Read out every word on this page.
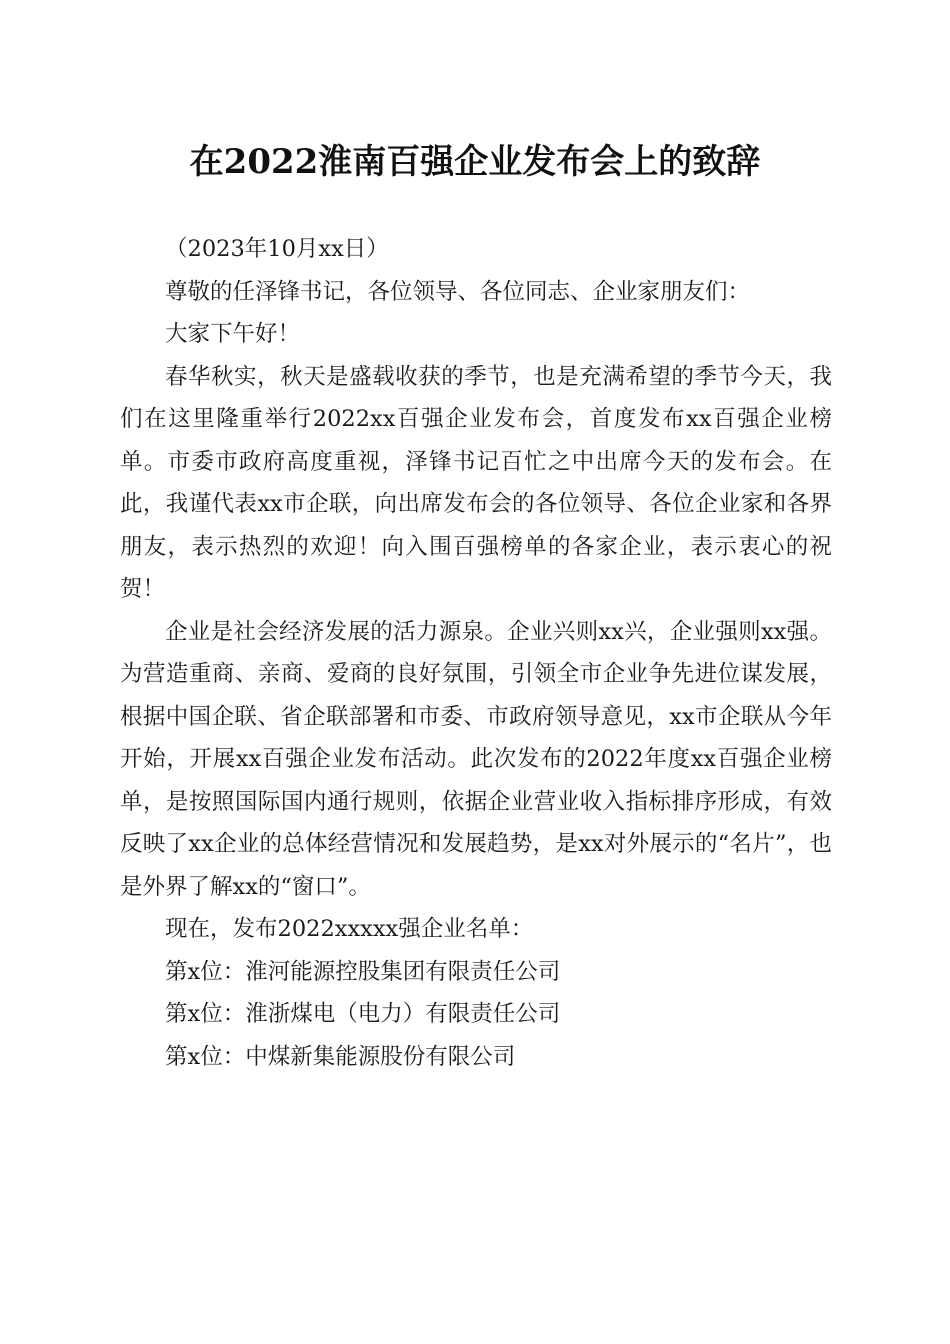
在2022淮南百强企业发布会上的致辞

（2023年10月xx日）

尊敬的任泽锋书记，各位领导、各位同志、企业家朋友们：

大家下午好！

春华秋实，秋天是盛载收获的季节，也是充满希望的季节今天，我们在这里隆重举行2022xx百强企业发布会，首度发布xx百强企业榜单。市委市政府高度重视，泽锋书记百忙之中出席今天的发布会。在此，我谨代表xx市企联，向出席发布会的各位领导、各位企业家和各界朋友，表示热烈的欢迎！向入围百强榜单的各家企业，表示衷心的祝贺！

企业是社会经济发展的活力源泉。企业兴则xx兴，企业强则xx强。为营造重商、亲商、爱商的良好氛围，引领全市企业争先进位谋发展，根据中国企联、省企联部署和市委、市政府领导意见，xx市企联从今年开始，开展xx百强企业发布活动。此次发布的2022年度xx百强企业榜单，是按照国际国内通行规则，依据企业营业收入指标排序形成，有效反映了xx企业的总体经营情况和发展趋势，是xx对外展示的“名片”，也是外界了解xx的“窗口”。

现在，发布2022xxxxx强企业名单：

第x位：淮河能源控股集团有限责任公司

第x位：淮浙煤电（电力）有限责任公司

第x位：中煤新集能源股份有限公司
